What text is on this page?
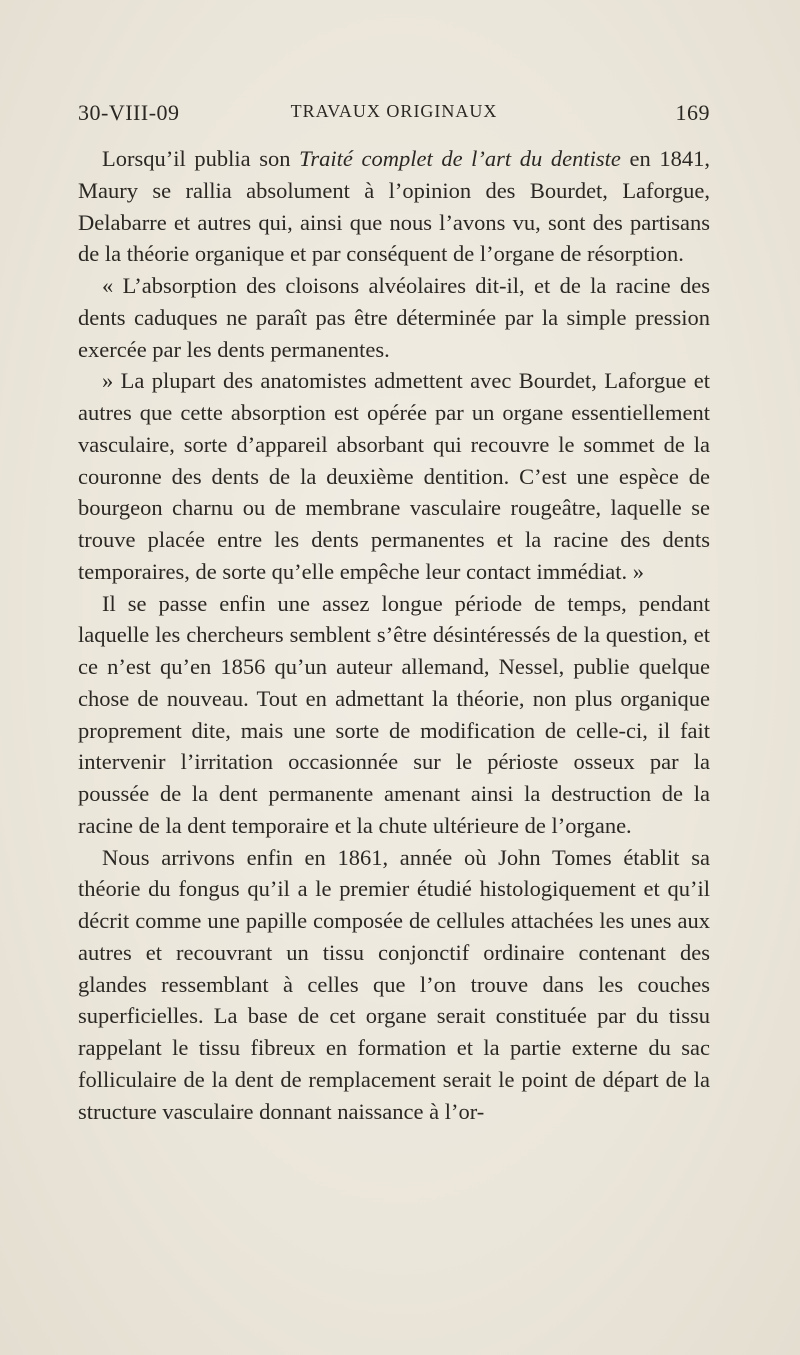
30-VIII-09	TRAVAUX ORIGINAUX	169

Lorsqu’il publia son Traité complet de l’art du dentiste en 1841, Maury se rallia absolument à l’opinion des Bourdet, Laforgue, Delabarre et autres qui, ainsi que nous l’avons vu, sont des partisans de la théorie organique et par conséquent de l’organe de résorption.

« L’absorption des cloisons alvéolaires dit-il, et de la racine des dents caduques ne paraît pas être déterminée par la simple pression exercée par les dents permanentes.

» La plupart des anatomistes admettent avec Bourdet, Laforgue et autres que cette absorption est opérée par un organe essentiellement vasculaire, sorte d’appareil absorbant qui recouvre le sommet de la couronne des dents de la deuxième dentition. C’est une espèce de bourgeon charnu ou de membrane vasculaire rougeâtre, laquelle se trouve placée entre les dents permanentes et la racine des dents temporaires, de sorte qu’elle empêche leur contact immédiat. »

Il se passe enfin une assez longue période de temps, pendant laquelle les chercheurs semblent s’être désintéressés de la question, et ce n’est qu’en 1856 qu’un auteur allemand, Nessel, publie quelque chose de nouveau. Tout en admettant la théorie, non plus organique proprement dite, mais une sorte de modification de celle-ci, il fait intervenir l’irritation occasionnée sur le périoste osseux par la poussée de la dent permanente amenant ainsi la destruction de la racine de la dent temporaire et la chute ultérieure de l’organe.

Nous arrivons enfin en 1861, année où John Tomes établit sa théorie du fongus qu’il a le premier étudié histologiquement et qu’il décrit comme une papille composée de cellules attachées les unes aux autres et recouvrant un tissu conjonctif ordinaire contenant des glandes ressemblant à celles que l’on trouve dans les couches superficielles. La base de cet organe serait constituée par du tissu rappelant le tissu fibreux en formation et la partie externe du sac folliculaire de la dent de remplacement serait le point de départ de la structure vasculaire donnant naissance à l’or-
